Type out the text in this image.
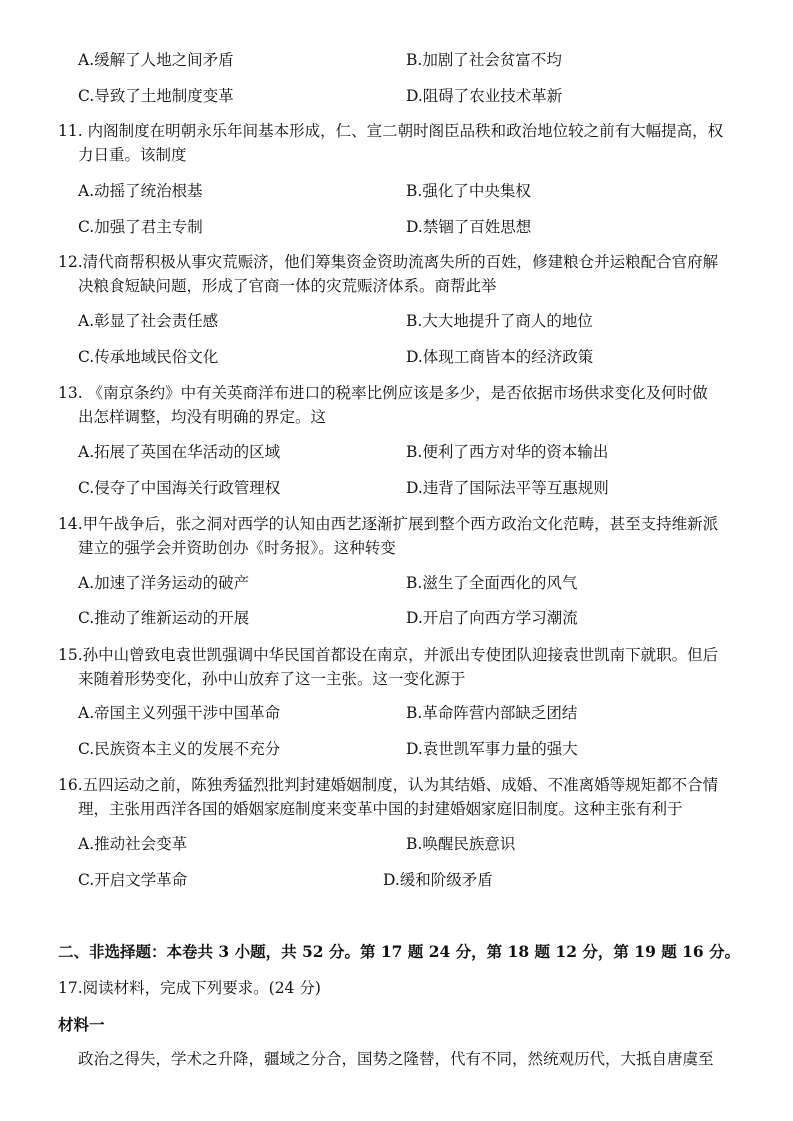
A.缓解了人地之间矛盾	B.加剧了社会贫富不均
C.导致了土地制度变革	D.阻碍了农业技术革新
11. 内阁制度在明朝永乐年间基本形成，仁、宣二朝时阁臣品秩和政治地位较之前有大幅提高，权
力日重。该制度
A.动摇了统治根基	B.强化了中央集权
C.加强了君主专制	D.禁锢了百姓思想
12.清代商帮积极从事灾荒赈济，他们筹集资金资助流离失所的百姓，修建粮仓并运粮配合官府解
决粮食短缺问题，形成了官商一体的灾荒赈济体系。商帮此举
A.彰显了社会责任感	B.大大地提升了商人的地位
C.传承地域民俗文化	D.体现工商皆本的经济政策
13. 《南京条约》中有关英商洋布进口的税率比例应该是多少，是否依据市场供求变化及何时做
出怎样调整，均没有明确的界定。这
A.拓展了英国在华活动的区域	B.便利了西方对华的资本输出
C.侵夺了中国海关行政管理权	D.违背了国际法平等互惠规则
14.甲午战争后，张之洞对西学的认知由西艺逐渐扩展到整个西方政治文化范畴，甚至支持维新派
建立的强学会并资助创办《时务报》。这种转变
A.加速了洋务运动的破产	B.滋生了全面西化的风气
C.推动了维新运动的开展	D.开启了向西方学习潮流
15.孙中山曾致电袁世凯强调中华民国首都设在南京，并派出专使团队迎接袁世凯南下就职。但后
来随着形势变化，孙中山放弃了这一主张。这一变化源于
A.帝国主义列强干涉中国革命	B.革命阵营内部缺乏团结
C.民族资本主义的发展不充分	D.袁世凯军事力量的强大
16.五四运动之前，陈独秀猛烈批判封建婚姻制度，认为其结婚、成婚、不准离婚等规矩都不合情
理，主张用西洋各国的婚姻家庭制度来变革中国的封建婚姻家庭旧制度。这种主张有利于
A.推动社会变革	B.唤醒民族意识
C.开启文学革命	D.缓和阶级矛盾
二、非选择题：本卷共 3 小题，共 52 分。第 17 题 24 分，第 18 题 12 分，第 19 题 16 分。
17.阅读材料，完成下列要求。(24 分)
材料一
政治之得失，学术之升降，疆域之分合，国势之隆替，代有不同，然统观历代，大抵自唐虞至
